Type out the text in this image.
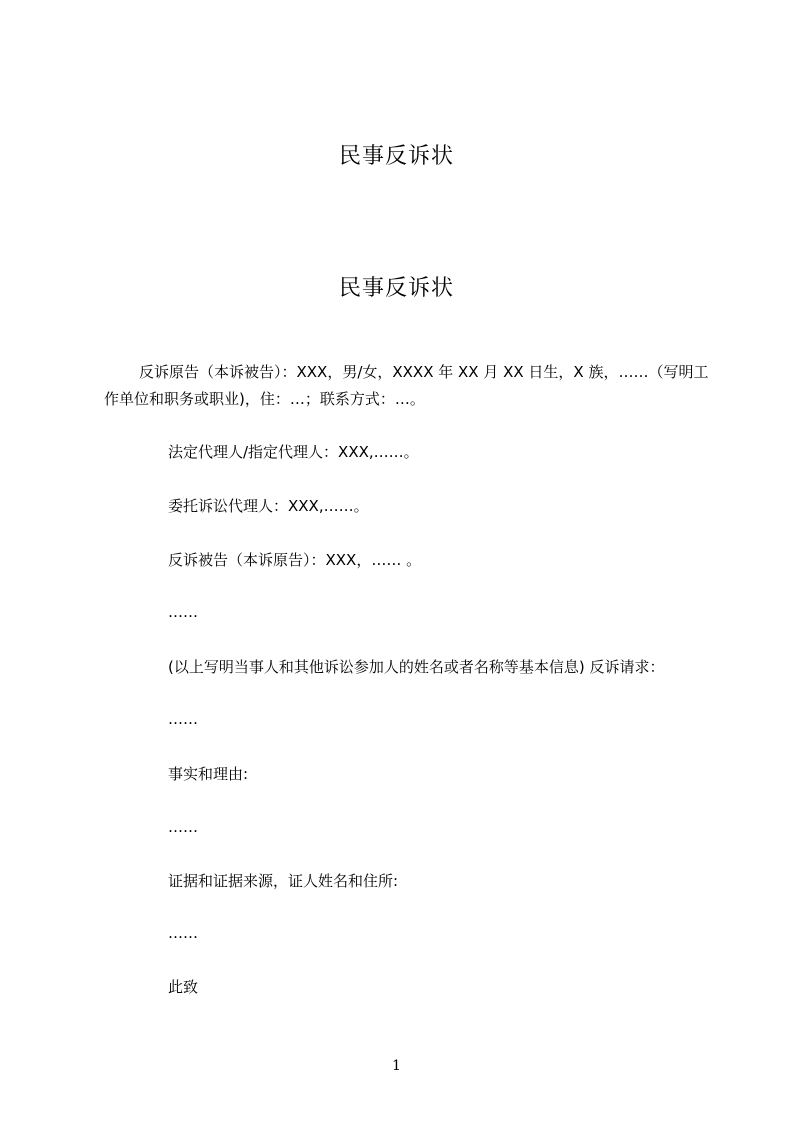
民事反诉状
民事反诉状
反诉原告（本诉被告）：XXX，男/女，XXXX 年 XX 月 XX 日生，X 族，……（写明工
作单位和职务或职业)，住：…；联系方式：…。
法定代理人/指定代理人：XXX,……。
委托诉讼代理人：XXX,……。
反诉被告（本诉原告）：XXX，…… 。
……
(以上写明当事人和其他诉讼参加人的姓名或者名称等基本信息) 反诉请求：
……
事实和理由:
……
证据和证据来源，证人姓名和住所:
……
此致
1
